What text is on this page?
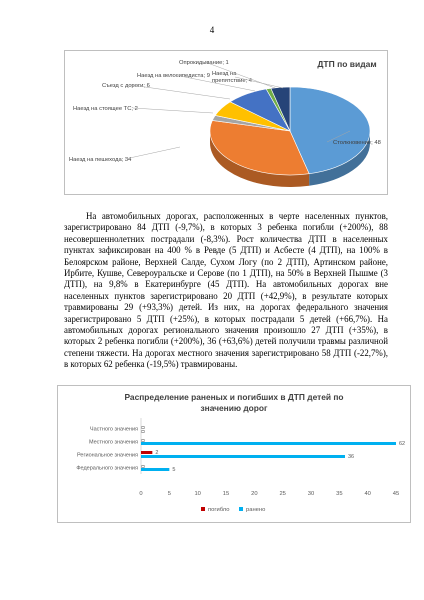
4
ДТП по видам
Столкновение; 48
Наезд на пешехода; 34
Наезд на стоящее ТС; 2
Съезд с дороги; 6
Наезд на велосипедиста; 9
Опрокидывание; 1
Наезд на
препятствие; 4

На автомобильных дорогах, расположенных в черте населенных пунктов, зарегистрировано 84 ДТП (-9,7%), в которых 3 ребенка погибли (+200%), 88 несовершеннолетних пострадали (-8,3%). Рост количества ДТП в населенных пунктах зафиксирован на 400 % в Ревде (5 ДТП) и Асбесте (4 ДТП), на 100% в Белоярском районе, Верхней Салде, Сухом Логу (по 2 ДТП), Артинском районе, Ирбите, Кушве, Североуральске и Серове (по 1 ДТП), на 50% в Верхней Пышме (3 ДТП), на 9,8% в Екатеринбурге (45 ДТП). На автомобильных дорогах вне населенных пунктов зарегистрировано 20 ДТП (+42,9%), в результате которых травмированы 29 (+93,3%) детей. Из них, на дорогах федерального значения зарегистрировано 5 ДТП (+25%), в которых пострадали 5 детей (+66,7%). На автомобильных дорогах регионального значения произошло 27 ДТП (+35%), в которых 2 ребенка погибли (+200%), 36 (+63,6%) детей получили травмы различной степени тяжести. На дорогах местного значения зарегистрировано 58 ДТП (-22,7%), в которых 62 ребенка (-19,5%) травмированы.

Распределение раненых и погибших в ДТП детей по
значению дорог
Частного значения 0
0
Местного значения	62
0
Региональное значения	36
2
Федерального значения	5
0
0	5	10	15	20	25	30	35	40	45
погибло	ранено
